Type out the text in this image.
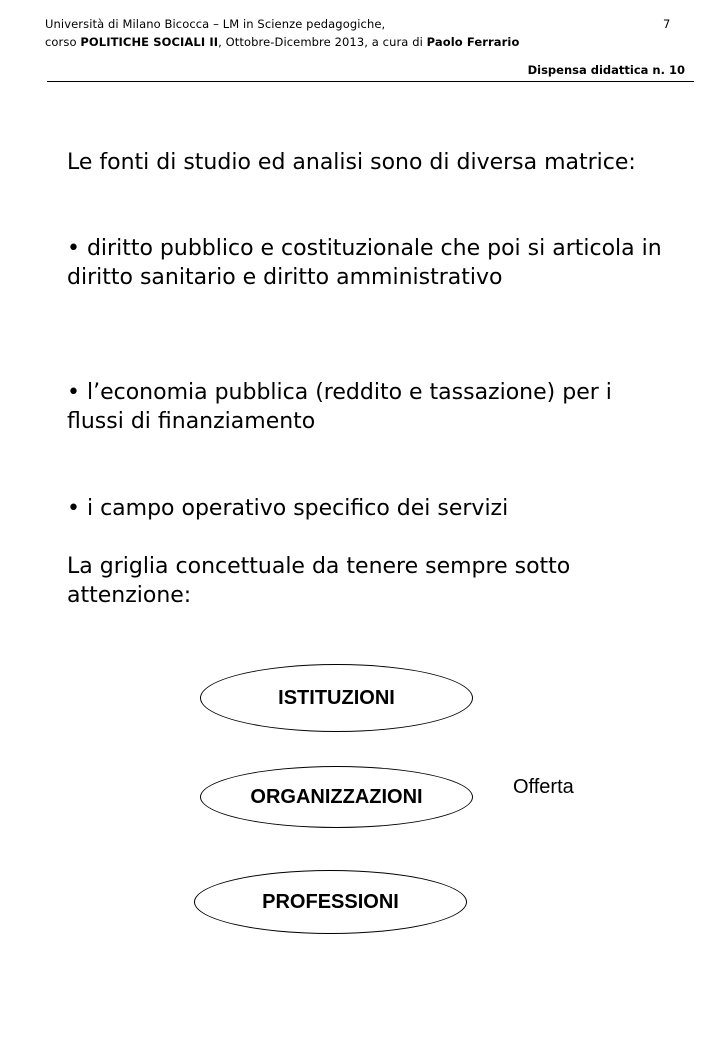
Università di Milano Bicocca – LM in Scienze pedagogiche,	7
corso POLITICHE SOCIALI II, Ottobre-Dicembre 2013, a cura di Paolo Ferrario
Dispensa didattica n. 10

Le fonti di studio ed analisi sono di diversa matrice:

• diritto pubblico e costituzionale che poi si articola in diritto sanitario e diritto amministrativo

• l’economia pubblica (reddito e tassazione) per i flussi di finanziamento

• i campo operativo specifico dei servizi

La griglia concettuale da tenere sempre sotto attenzione:

ISTITUZIONI
ORGANIZZAZIONI
PROFESSIONI
Offerta
